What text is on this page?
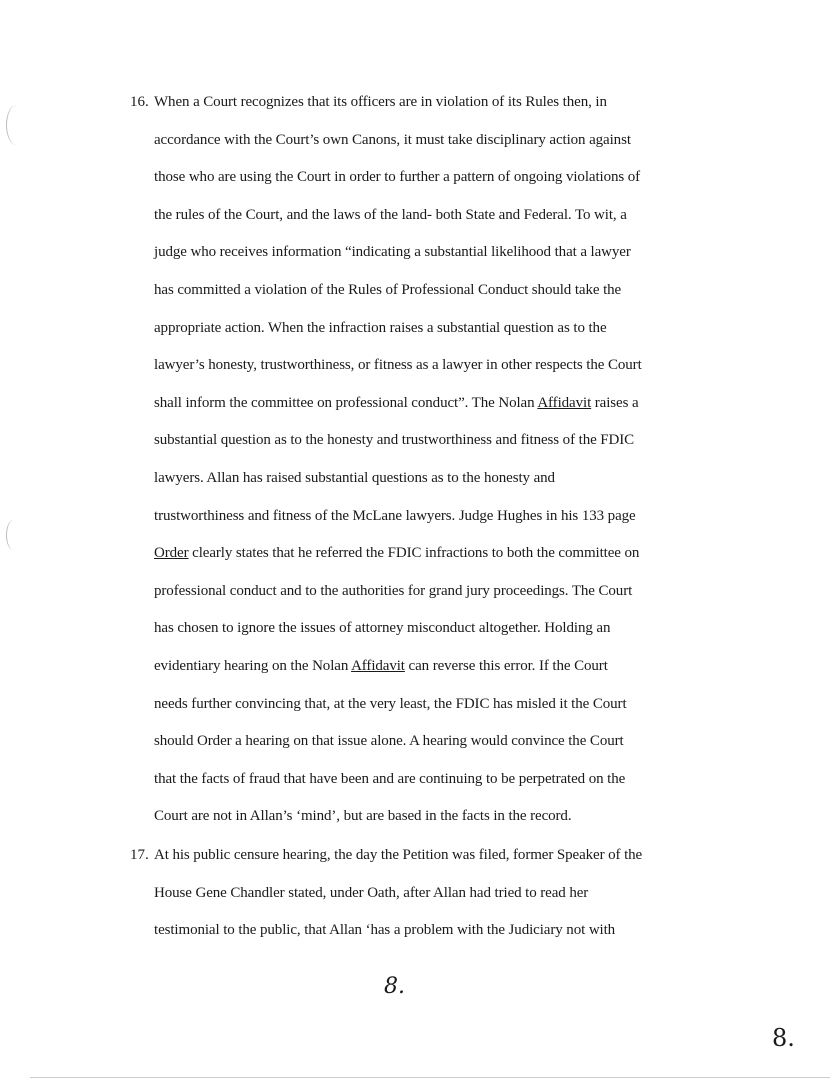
16. When a Court recognizes that its officers are in violation of its Rules then, in
accordance with the Court’s own Canons, it must take disciplinary action against
those who are using the Court in order to further a pattern of ongoing violations of
the rules of the Court, and the laws of the land- both State and Federal. To wit, a
judge who receives information “indicating a substantial likelihood that a lawyer
has committed a violation of the Rules of Professional Conduct should take the
appropriate action. When the infraction raises a substantial question as to the
lawyer’s honesty, trustworthiness, or fitness as a lawyer in other respects the Court
shall inform the committee on professional conduct”. The Nolan Affidavit raises a
substantial question as to the honesty and trustworthiness and fitness of the FDIC
lawyers. Allan has raised substantial questions as to the honesty and
trustworthiness and fitness of the McLane lawyers. Judge Hughes in his 133 page
Order clearly states that he referred the FDIC infractions to both the committee on
professional conduct and to the authorities for grand jury proceedings. The Court
has chosen to ignore the issues of attorney misconduct altogether. Holding an
evidentiary hearing on the Nolan Affidavit can reverse this error. If the Court
needs further convincing that, at the very least, the FDIC has misled it the Court
should Order a hearing on that issue alone. A hearing would convince the Court
that the facts of fraud that have been and are continuing to be perpetrated on the
Court are not in Allan’s ‘mind’, but are based in the facts in the record.
17. At his public censure hearing, the day the Petition was filed, former Speaker of the
House Gene Chandler stated, under Oath, after Allan had tried to read her
testimonial to the public, that Allan ‘has a problem with the Judiciary not with
8.
8.
